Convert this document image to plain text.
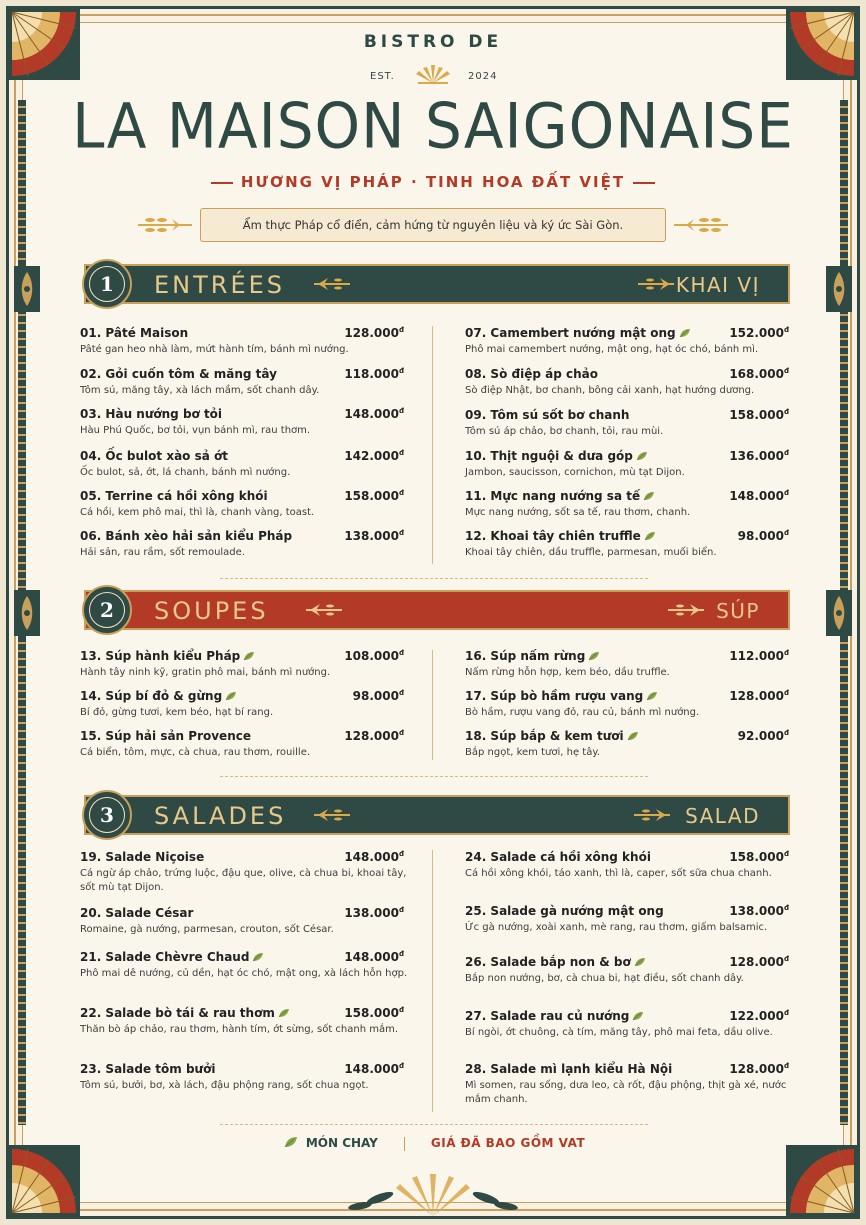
BISTRO DE
EST.	2024
LA MAISON SAIGONAISE
HƯƠNG VỊ PHÁP · TINH HOA ĐẤT VIỆT
Ẩm thực Pháp cổ điển, cảm hứng từ nguyên liệu và ký ức Sài Gòn.
1	ENTRÉES	KHAI VỊ
2	SOUPES	SÚP
3	SALADES	SALAD
01. Pâté Maison	$128.000^đ$
Pâté gan heo nhà làm, mứt hành tím, bánh mì nướng.
02. Gỏi cuốn tôm & măng tây	$118.000^đ$
Tôm sú, măng tây, xà lách mầm, sốt chanh dây.
03. Hàu nướng bơ tỏi	$148.000^đ$
Hàu Phú Quốc, bơ tỏi, vụn bánh mì, rau thơm.
04. Ốc bulot xào sả ớt	$142.000^đ$
Ốc bulot, sả, ớt, lá chanh, bánh mì nướng.
05. Terrine cá hồi xông khói	$158.000^đ$
Cá hồi, kem phô mai, thì là, chanh vàng, toast.
06. Bánh xèo hải sản kiểu Pháp	$138.000^đ$
Hải sản, rau rầm, sốt remoulade.
07. Camembert nướng mật ong	$152.000^đ$
Phô mai camembert nướng, mật ong, hạt óc chó, bánh mì.
08. Sò điệp áp chảo	$168.000^đ$
Sò điệp Nhật, bơ chanh, bông cải xanh, hạt hướng dương.
09. Tôm sú sốt bơ chanh	$158.000^đ$
Tôm sú áp chảo, bơ chanh, tỏi, rau mùi.
10. Thịt nguội & dưa góp	$136.000^đ$
Jambon, saucisson, cornichon, mù tạt Dijon.
11. Mực nang nướng sa tế	$148.000^đ$
Mực nang nướng, sốt sa tế, rau thơm, chanh.
12. Khoai tây chiên truffle	$98.000^đ$
Khoai tây chiên, dầu truffle, parmesan, muối biển.
13. Súp hành kiểu Pháp	$108.000^đ$
Hành tây ninh kỹ, gratin phô mai, bánh mì nướng.
14. Súp bí đỏ & gừng	$98.000^đ$
Bí đỏ, gừng tươi, kem béo, hạt bí rang.
15. Súp hải sản Provence	$128.000^đ$
Cá biển, tôm, mực, cà chua, rau thơm, rouille.
16. Súp nấm rừng	$112.000^đ$
Nấm rừng hỗn hợp, kem béo, dầu truffle.
17. Súp bò hầm rượu vang	$128.000^đ$
Bò hầm, rượu vang đỏ, rau củ, bánh mì nướng.
18. Súp bắp & kem tươi	$92.000^đ$
Bắp ngọt, kem tươi, hẹ tây.
19. Salade Niçoise	$148.000^đ$
Cá ngừ áp chảo, trứng luộc, đậu que, olive, cà chua bi, khoai tây, sốt mù tạt Dijon.
20. Salade César	$138.000^đ$
Romaine, gà nướng, parmesan, crouton, sốt César.
21. Salade Chèvre Chaud	$148.000^đ$
Phô mai dê nướng, củ dền, hạt óc chó, mật ong, xà lách hỗn hợp.
22. Salade bò tái & rau thơm	$158.000^đ$
Thăn bò áp chảo, rau thơm, hành tím, ớt sừng, sốt chanh mắm.
23. Salade tôm bưởi	$148.000^đ$
Tôm sú, bưởi, bơ, xà lách, đậu phộng rang, sốt chua ngọt.
24. Salade cá hồi xông khói	$158.000^đ$
Cá hồi xông khói, táo xanh, thì là, caper, sốt sữa chua chanh.
25. Salade gà nướng mật ong	$138.000^đ$
Ức gà nướng, xoài xanh, mè rang, rau thơm, giấm balsamic.
26. Salade bắp non & bơ	$128.000^đ$
Bắp non nướng, bơ, cà chua bi, hạt điều, sốt chanh dây.
27. Salade rau củ nướng	$122.000^đ$
Bí ngòi, ớt chuông, cà tím, măng tây, phô mai feta, dầu olive.
28. Salade mì lạnh kiểu Hà Nội	$128.000^đ$
Mì somen, rau sống, dưa leo, cà rốt, đậu phộng, thịt gà xé, nước mắm chanh.
MÓN CHAY	GIÁ ĐÃ BAO GỒM VAT
